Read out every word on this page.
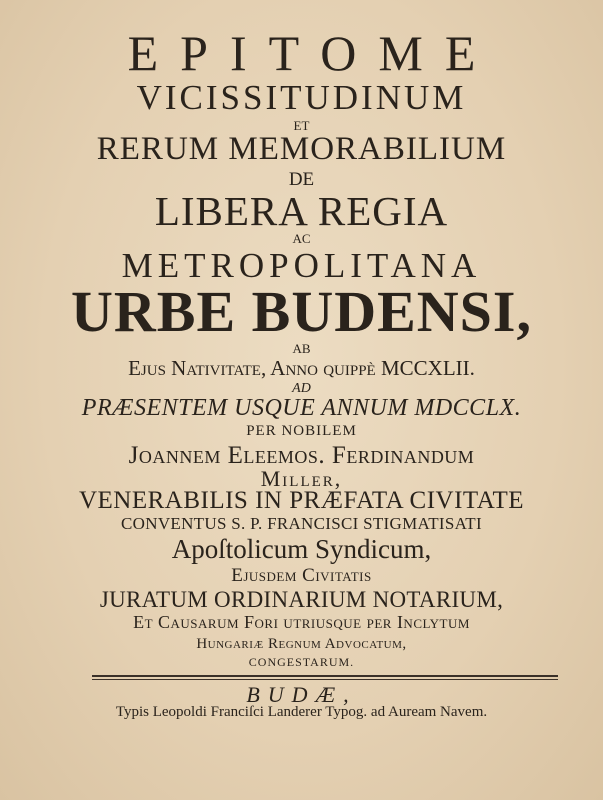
EPITOME
VICISSITUDINUM
ET
RERUM MEMORABILIUM
DE
LIBERA REGIA
AC
METROPOLITANA
URBE BUDENSI,
AB
Ejus Nativitate, Anno quippè MCCXLII.
AD
PRÆSENTEM USQUE ANNUM MDCCLX.
PER NOBILEM
Joannem Eleemos. Ferdinandum
Miller,
VENERABILIS IN PRÆFATA CIVITATE
CONVENTUS S. P. FRANCISCI STIGMATISATI
Apoſtolicum Syndicum,
Ejusdem Civitatis
JURATUM ORDINARIUM NOTARIUM,
Et Causarum Fori utriusque per Inclytum
Hungariæ Regnum Advocatum,
CONGESTARUM.
BUDÆ,
Typis Leopoldi Franciſci Landerer Typog. ad Auream Navem.
